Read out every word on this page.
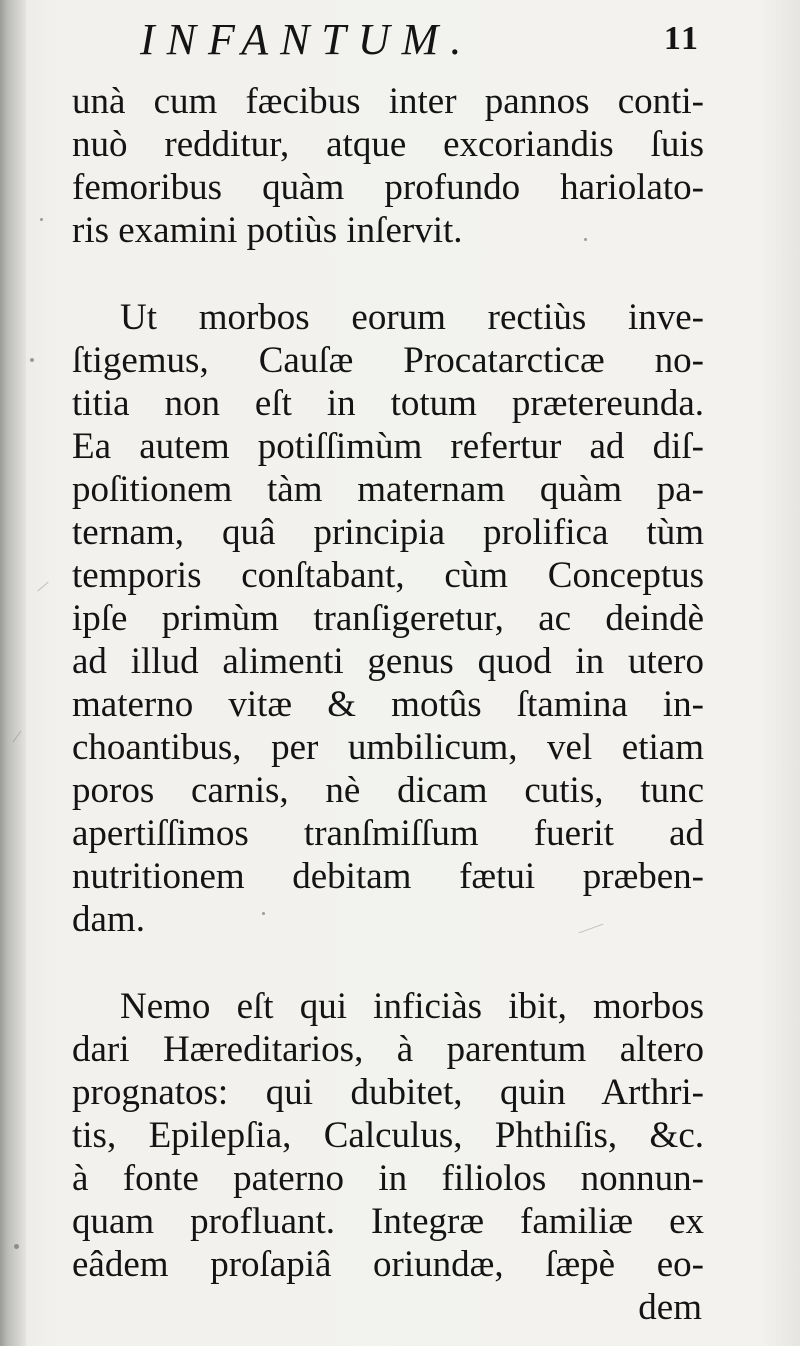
INFANTUM.	11
unà cum fæcibus inter pannos conti-
nuò redditur, atque excoriandis ſuis
femoribus quàm profundo hariolato-
ris examini potiùs inſervit.
Ut morbos eorum rectiùs inve-
ſtigemus, Cauſæ Procatarcticæ no-
titia non eſt in totum prætereunda.
Ea autem potiſſimùm refertur ad diſ-
poſitionem tàm maternam quàm pa-
ternam, quâ principia prolifica tùm
temporis conſtabant, cùm Conceptus
ipſe primùm tranſigeretur, ac deindè
ad illud alimenti genus quod in utero
materno vitæ & motûs ſtamina in-
choantibus, per umbilicum, vel etiam
poros carnis, nè dicam cutis, tunc
apertiſſimos tranſmiſſum fuerit ad
nutritionem debitam fætui præben-
dam.
Nemo eſt qui inficiàs ibit, morbos
dari Hæreditarios, à parentum altero
prognatos: qui dubitet, quin Arthri-
tis, Epilepſia, Calculus, Phthiſis, &c.
à fonte paterno in filiolos nonnun-
quam profluant. Integræ familiæ ex
eâdem proſapiâ oriundæ, ſæpè eo-
dem
